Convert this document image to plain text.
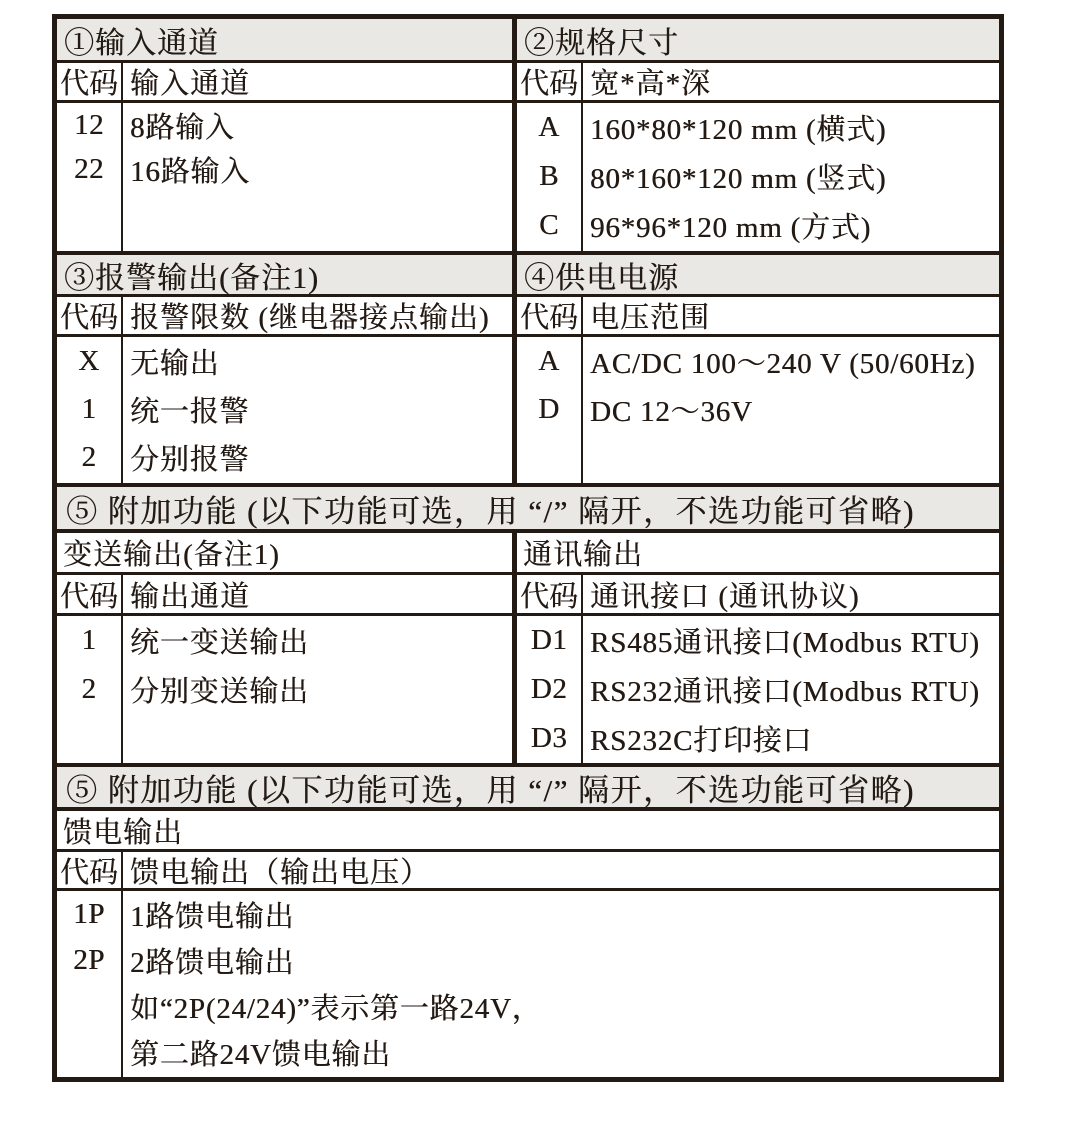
①输入通道
代码 输入通道
12
22
8路输入
16路输入
②规格尺寸
代码 宽*高*深
A
B
C
160*80*120 mm (横式)
80*160*120 mm (竖式)
96*96*120 mm (方式)
③报警输出(备注1)
代码 报警限数 (继电器接点输出)
X
1
2
无输出
统一报警
分别报警
④供电电源
代码 电压范围
A
D
AC/DC 100～240 V (50/60Hz)
DC 12～36V
⑤ 附加功能 (以下功能可选，用 “/” 隔开，不选功能可省略)
变送输出(备注1)
代码 输出通道
1
2
统一变送输出
分别变送输出
通讯输出
代码 通讯接口 (通讯协议)
D1
D2
D3
RS485通讯接口(Modbus RTU)
RS232通讯接口(Modbus RTU)
RS232C打印接口
⑤ 附加功能 (以下功能可选，用 “/” 隔开，不选功能可省略)
馈电输出
代码 馈电输出（输出电压）
1P
2P
1路馈电输出
2路馈电输出
如“2P(24/24)”表示第一路24V，
第二路24V馈电输出
